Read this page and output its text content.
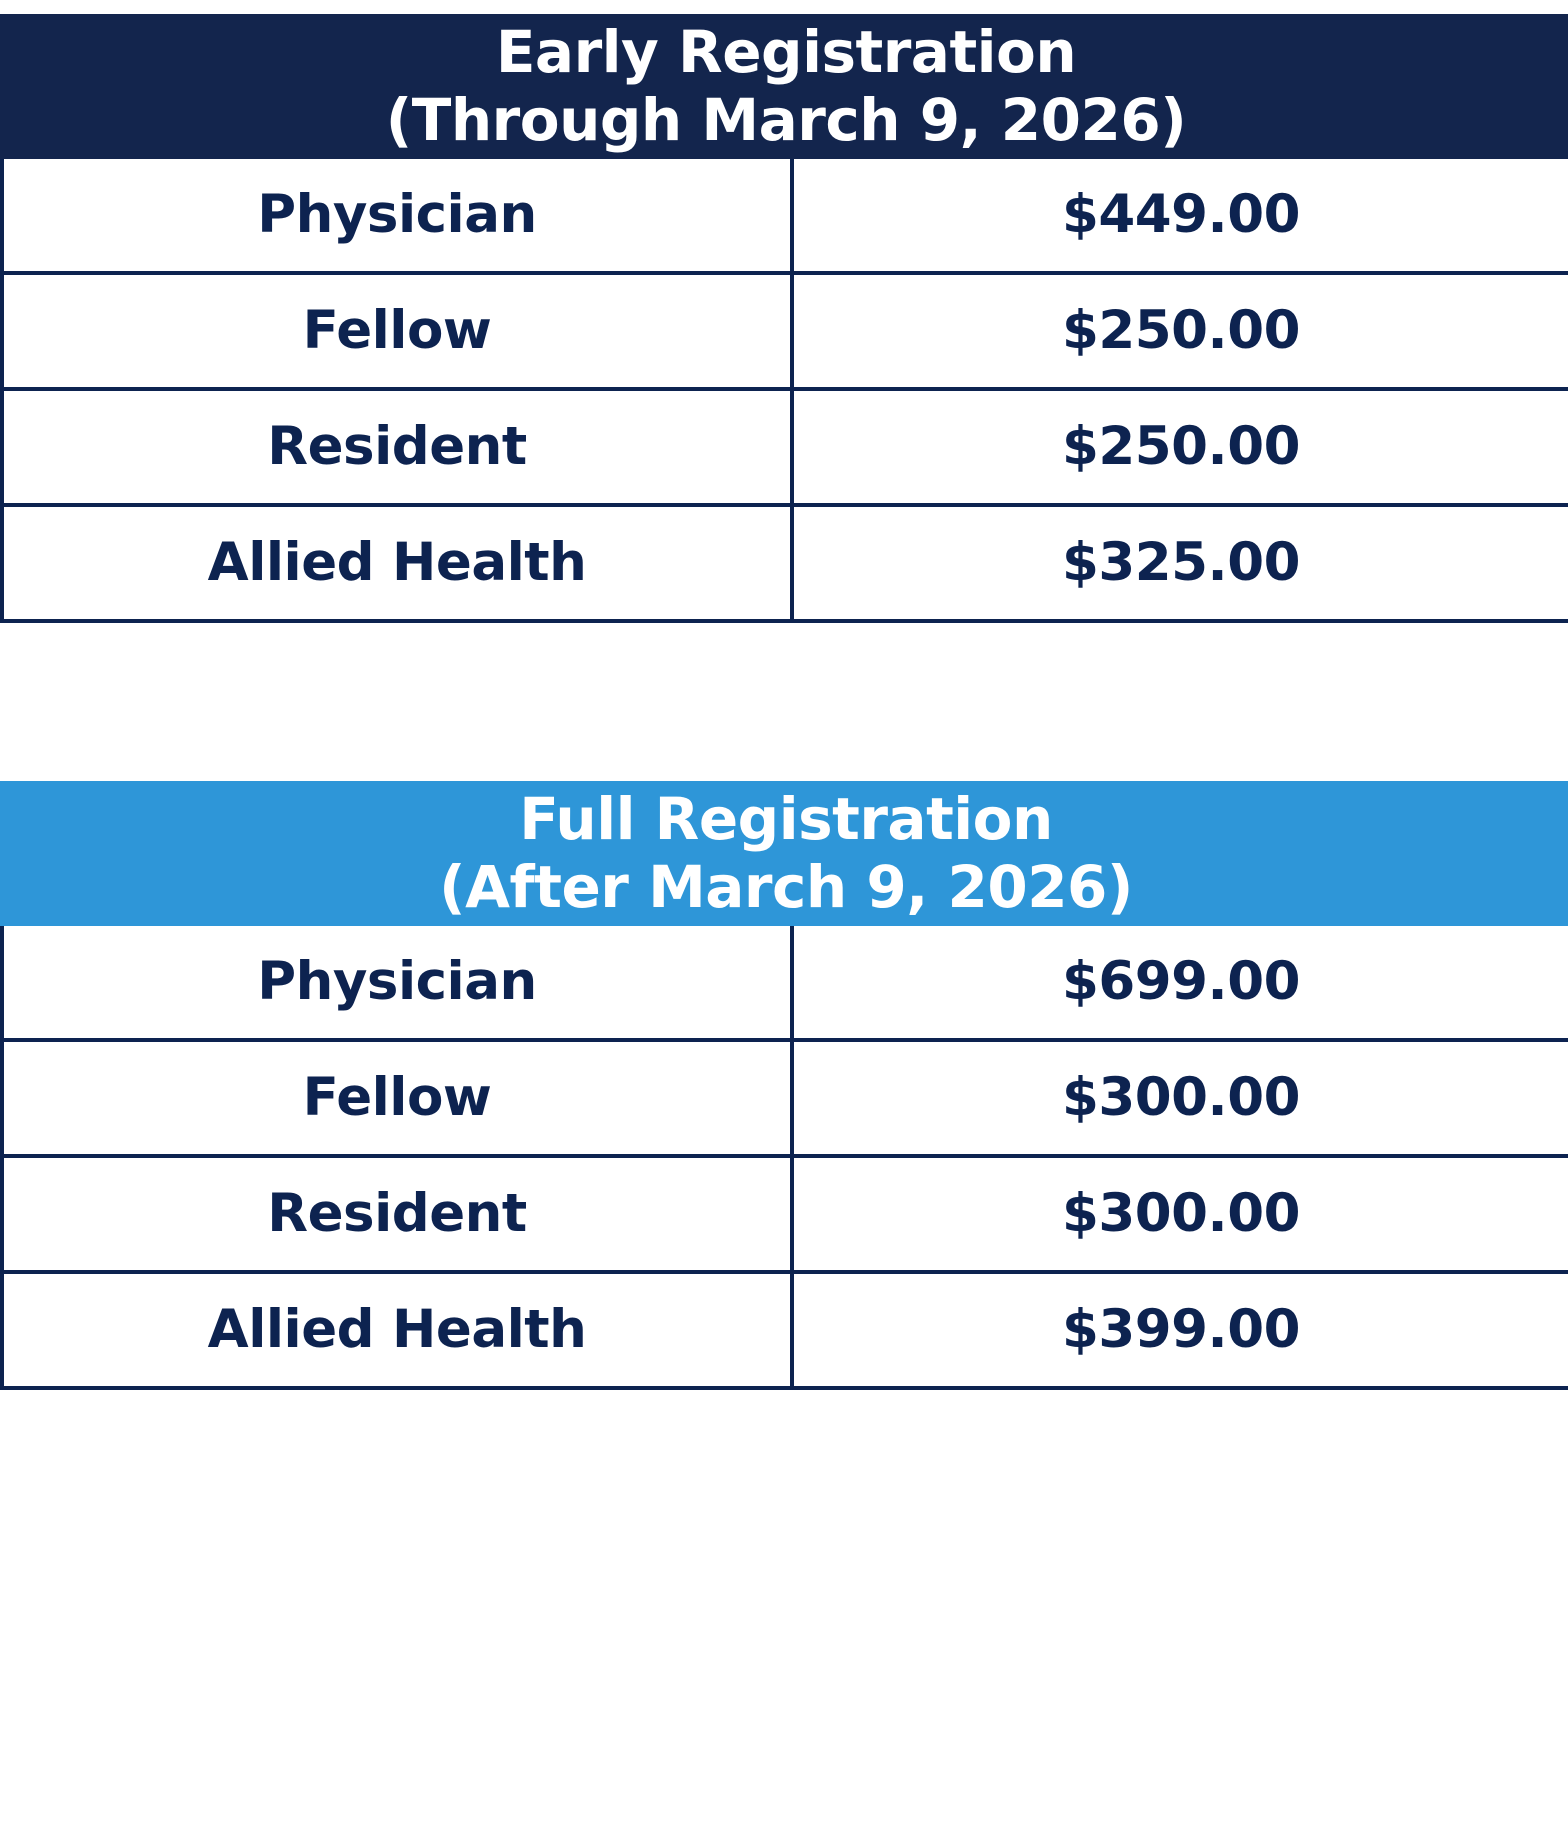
Early Registration
(Through March 9, 2026)	

Physician	$449.00
Fellow	$250.00
Resident	$250.00
Allied Health	$325.00
Full Registration
(After March 9, 2026)	

Physician	$699.00
Fellow	$300.00
Resident	$300.00
Allied Health	$399.00
